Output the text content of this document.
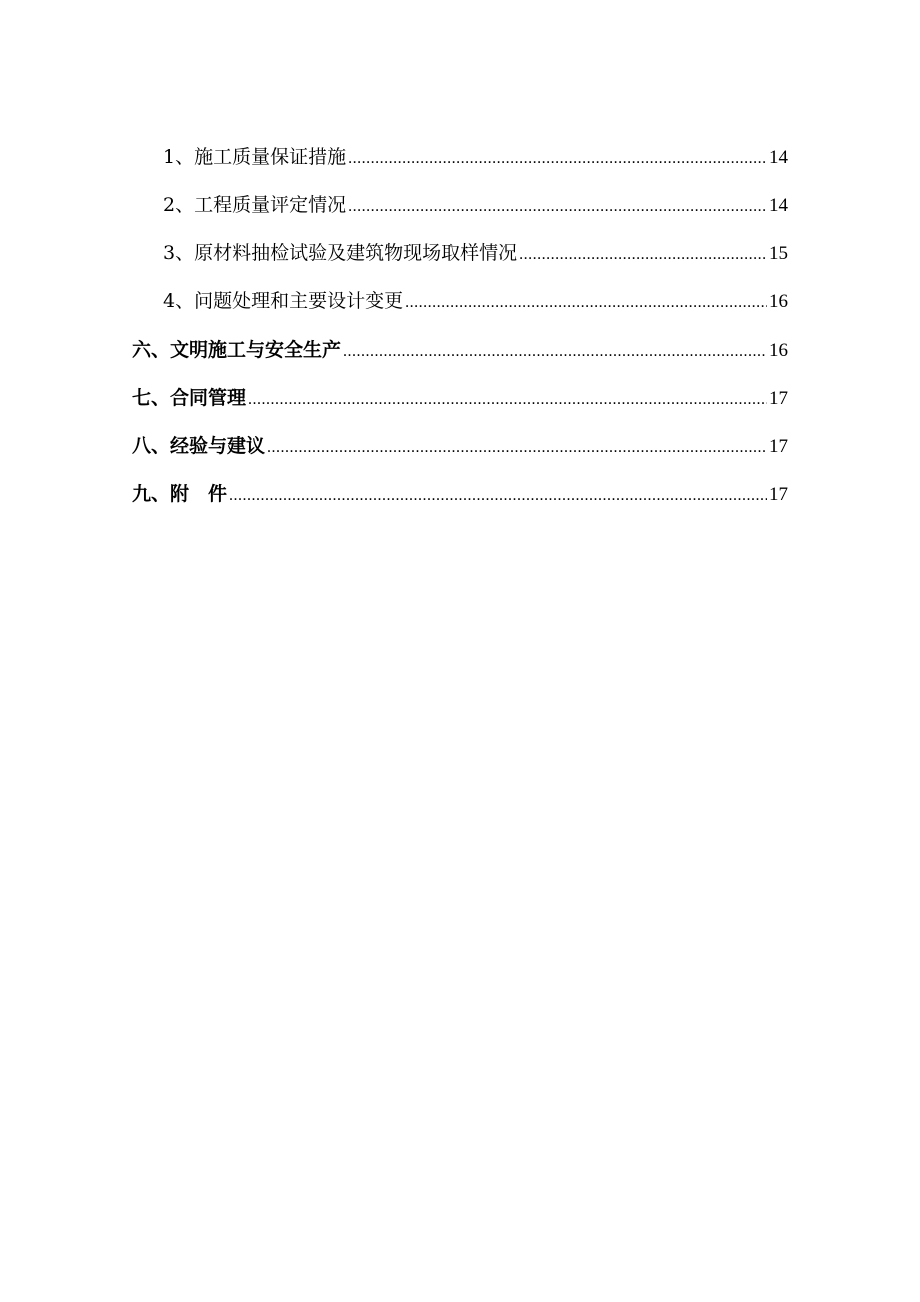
1、施工质量保证措施 .....	14
2、工程质量评定情况 .....	14
3、原材料抽检试验及建筑物现场取样情况 .....	15
4、问题处理和主要设计变更 .....	16
六、文明施工与安全生产 .....	16
七、合同管理 .....	17
八、经验与建议 .....	17
九、附　件 .....	17
